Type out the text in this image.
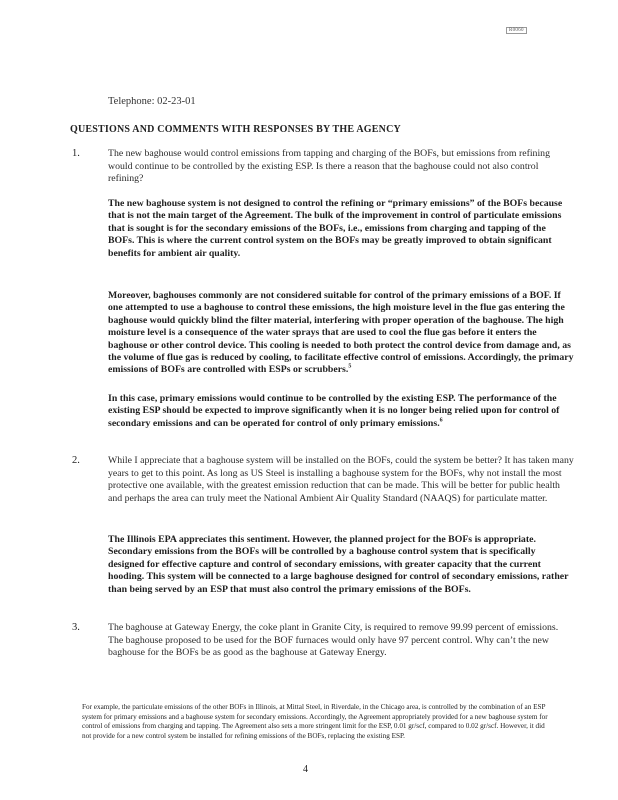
R0060
Telephone: 02-23-01
QUESTIONS AND COMMENTS WITH RESPONSES BY THE AGENCY
1.	The new baghouse would control emissions from tapping and charging of the BOFs, but emissions from refining would continue to be controlled by the existing ESP. Is there a reason that the baghouse could not also control refining?

The new baghouse system is not designed to control the refining or “primary emissions” of the BOFs because that is not the main target of the Agreement. The bulk of the improvement in control of particulate emissions that is sought is for the secondary emissions of the BOFs, i.e., emissions from charging and tapping of the BOFs. This is where the current control system on the BOFs may be greatly improved to obtain significant benefits for ambient air quality.

Moreover, baghouses commonly are not considered suitable for control of the primary emissions of a BOF. If one attempted to use a baghouse to control these emissions, the high moisture level in the flue gas entering the baghouse would quickly blind the filter material, interfering with proper operation of the baghouse. The high moisture level is a consequence of the water sprays that are used to cool the flue gas before it enters the baghouse or other control device. This cooling is needed to both protect the control device from damage and, as the volume of flue gas is reduced by cooling, to facilitate effective control of emissions. Accordingly, the primary emissions of BOFs are controlled with ESPs or scrubbers.$^5$

In this case, primary emissions would continue to be controlled by the existing ESP. The performance of the existing ESP should be expected to improve significantly when it is no longer being relied upon for control of secondary emissions and can be operated for control of only primary emissions.$^6$

2.	While I appreciate that a baghouse system will be installed on the BOFs, could the system be better? It has taken many years to get to this point. As long as US Steel is installing a baghouse system for the BOFs, why not install the most protective one available, with the greatest emission reduction that can be made. This will be better for public health and perhaps the area can truly meet the National Ambient Air Quality Standard (NAAQS) for particulate matter.

The Illinois EPA appreciates this sentiment. However, the planned project for the BOFs is appropriate. Secondary emissions from the BOFs will be controlled by a baghouse control system that is specifically designed for effective capture and control of secondary emissions, with greater capacity that the current hooding. This system will be connected to a large baghouse designed for control of secondary emissions, rather than being served by an ESP that must also control the primary emissions of the BOFs.

3.	The baghouse at Gateway Energy, the coke plant in Granite City, is required to remove 99.99 percent of emissions. The baghouse proposed to be used for the BOF furnaces would only have 97 percent control. Why can’t the new baghouse for the BOFs be as good as the baghouse at Gateway Energy.

For example, the particulate emissions of the other BOFs in Illinois, at Mittal Steel, in Riverdale, in the Chicago area, is controlled by the combination of an ESP system for primary emissions and a baghouse system for secondary emissions. Accordingly, the Agreement appropriately provided for a new baghouse system for control of emissions from charging and tapping. The Agreement also sets a more stringent limit for the ESP, 0.01 gr/scf, compared to 0.02 gr/scf. However, it did not provide for a new control system be installed for refining emissions of the BOFs, replacing the existing ESP.

4
